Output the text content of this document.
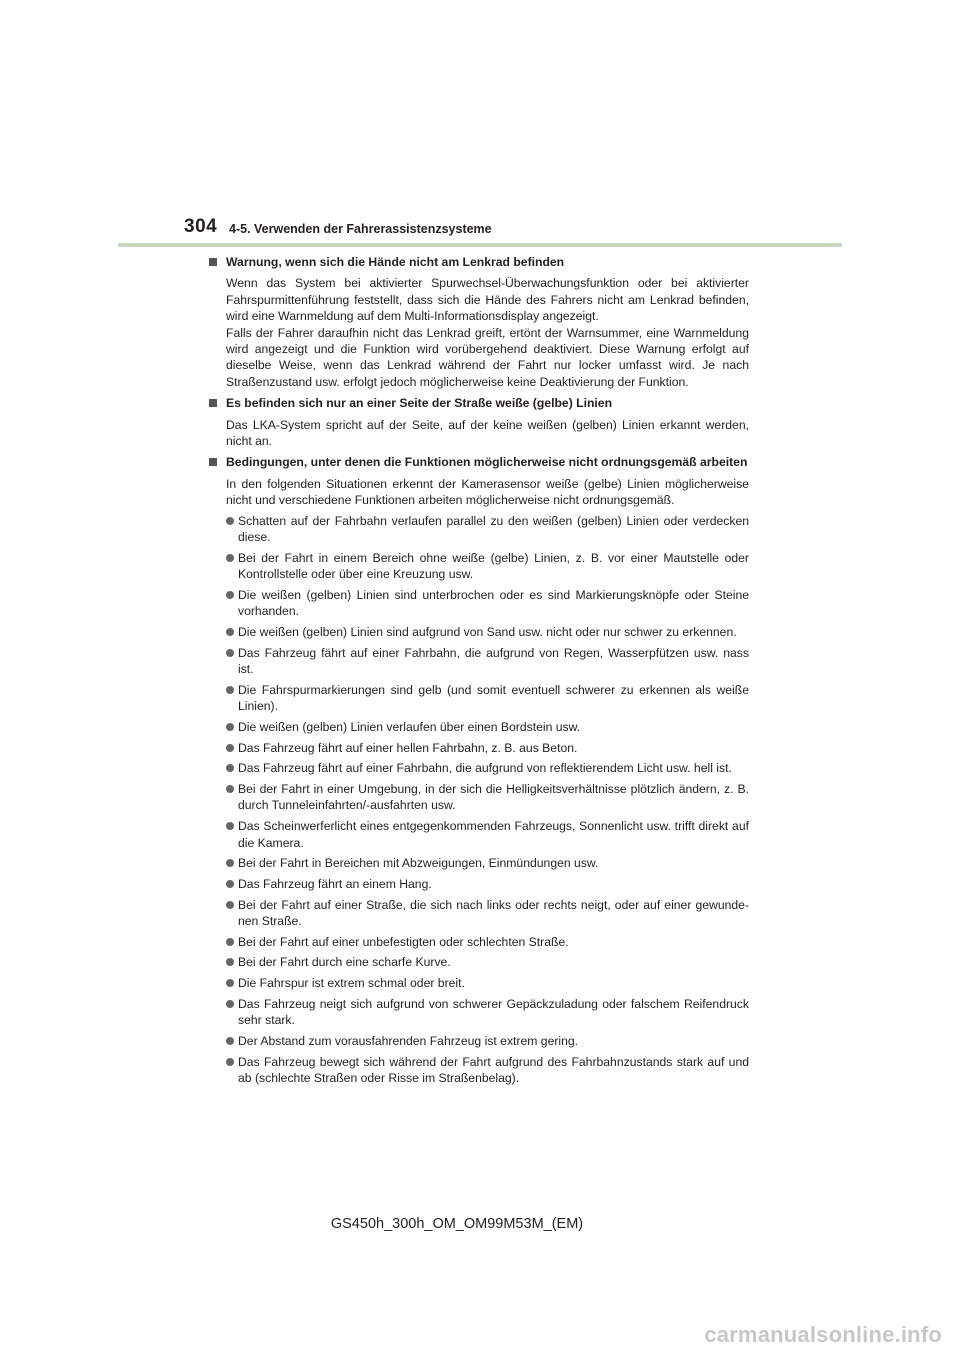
304 4-5. Verwenden der Fahrerassistenzsysteme

Warnung, wenn sich die Hände nicht am Lenkrad befinden

Wenn das System bei aktivierter Spurwechsel-Überwachungsfunktion oder bei aktivierter Fahrspurmittenführung feststellt, dass sich die Hände des Fahrers nicht am Lenkrad befinden, wird eine Warnmeldung auf dem Multi-Informationsdisplay angezeigt.

Falls der Fahrer daraufhin nicht das Lenkrad greift, ertönt der Warnsummer, eine Warnmeldung wird angezeigt und die Funktion wird vorübergehend deaktiviert. Diese Warnung erfolgt auf dieselbe Weise, wenn das Lenkrad während der Fahrt nur locker umfasst wird. Je nach Straßenzustand usw. erfolgt jedoch möglicherweise keine Deaktivierung der Funktion.

Es befinden sich nur an einer Seite der Straße weiße (gelbe) Linien

Das LKA-System spricht auf der Seite, auf der keine weißen (gelben) Linien erkannt werden, nicht an.

Bedingungen, unter denen die Funktionen möglicherweise nicht ordnungsgemäß arbeiten

In den folgenden Situationen erkennt der Kamerasensor weiße (gelbe) Linien möglicherweise nicht und verschiedene Funktionen arbeiten möglicherweise nicht ordnungsgemäß.

Schatten auf der Fahrbahn verlaufen parallel zu den weißen (gelben) Linien oder verdecken diese.
Bei der Fahrt in einem Bereich ohne weiße (gelbe) Linien, z. B. vor einer Mautstelle oder Kontrollstelle oder über eine Kreuzung usw.
Die weißen (gelben) Linien sind unterbrochen oder es sind Markierungsknöpfe oder Steine vorhanden.
Die weißen (gelben) Linien sind aufgrund von Sand usw. nicht oder nur schwer zu erkennen.
Das Fahrzeug fährt auf einer Fahrbahn, die aufgrund von Regen, Wasserpfützen usw. nass ist.
Die Fahrspurmarkierungen sind gelb (und somit eventuell schwerer zu erkennen als weiße Linien).
Die weißen (gelben) Linien verlaufen über einen Bordstein usw.
Das Fahrzeug fährt auf einer hellen Fahrbahn, z. B. aus Beton.
Das Fahrzeug fährt auf einer Fahrbahn, die aufgrund von reflektierendem Licht usw. hell ist.
Bei der Fahrt in einer Umgebung, in der sich die Helligkeitsverhältnisse plötzlich ändern, z. B. durch Tunneleinfahrten/-ausfahrten usw.
Das Scheinwerferlicht eines entgegenkommenden Fahrzeugs, Sonnenlicht usw. trifft direkt auf die Kamera.
Bei der Fahrt in Bereichen mit Abzweigungen, Einmündungen usw.
Das Fahrzeug fährt an einem Hang.
Bei der Fahrt auf einer Straße, die sich nach links oder rechts neigt, oder auf einer gewundenen Straße.
Bei der Fahrt auf einer unbefestigten oder schlechten Straße.
Bei der Fahrt durch eine scharfe Kurve.
Die Fahrspur ist extrem schmal oder breit.
Das Fahrzeug neigt sich aufgrund von schwerer Gepäckzuladung oder falschem Reifendruck sehr stark.
Der Abstand zum vorausfahrenden Fahrzeug ist extrem gering.
Das Fahrzeug bewegt sich während der Fahrt aufgrund des Fahrbahnzustands stark auf und ab (schlechte Straßen oder Risse im Straßenbelag).
GS450h_300h_OM_OM99M53M_(EM)
carmanualsonline.info
